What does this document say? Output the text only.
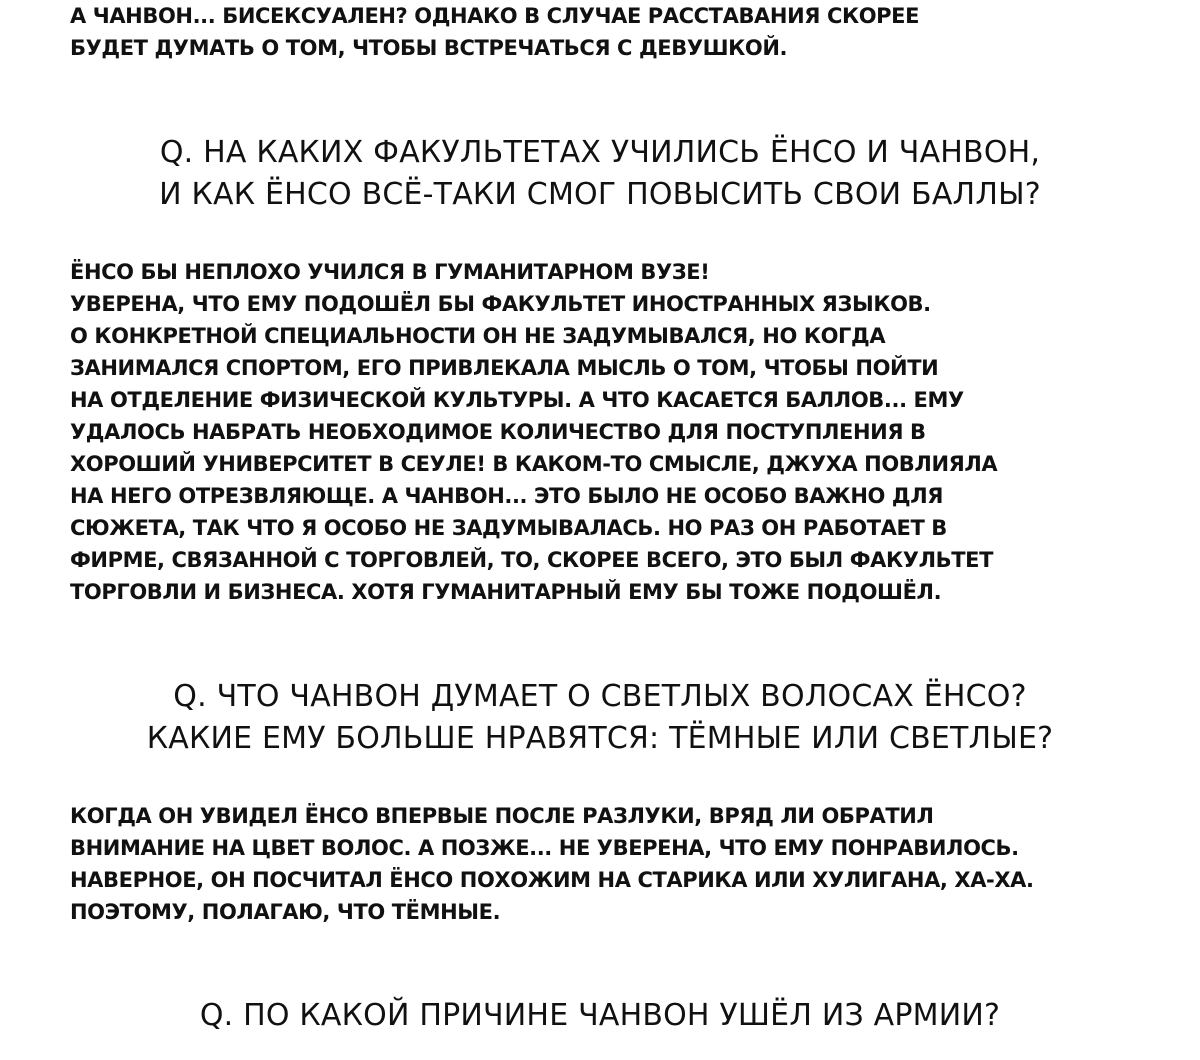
А ЧАНВОН... БИСЕКСУАЛЕН? ОДНАКО В СЛУЧАЕ РАССТАВАНИЯ СКОРЕЕ

БУДЕТ ДУМАТЬ О ТОМ, ЧТОБЫ ВСТРЕЧАТЬСЯ С ДЕВУШКОЙ.

Q. НА КАКИХ ФАКУЛЬТЕТАХ УЧИЛИСЬ ЁНСО И ЧАНВОН,
И КАК ЁНСО ВСЁ-ТАКИ СМОГ ПОВЫСИТЬ СВОИ БАЛЛЫ?

ЁНСО БЫ НЕПЛОХО УЧИЛСЯ В ГУМАНИТАРНОМ ВУЗЕ!

УВЕРЕНА, ЧТО ЕМУ ПОДОШЁЛ БЫ ФАКУЛЬТЕТ ИНОСТРАННЫХ ЯЗЫКОВ.

О КОНКРЕТНОЙ СПЕЦИАЛЬНОСТИ ОН НЕ ЗАДУМЫВАЛСЯ, НО КОГДА

ЗАНИМАЛСЯ СПОРТОМ, ЕГО ПРИВЛЕКАЛА МЫСЛЬ О ТОМ, ЧТОБЫ ПОЙТИ

НА ОТДЕЛЕНИЕ ФИЗИЧЕСКОЙ КУЛЬТУРЫ. А ЧТО КАСАЕТСЯ БАЛЛОВ... ЕМУ

УДАЛОСЬ НАБРАТЬ НЕОБХОДИМОЕ КОЛИЧЕСТВО ДЛЯ ПОСТУПЛЕНИЯ В

ХОРОШИЙ УНИВЕРСИТЕТ В СЕУЛЕ! В КАКОМ-ТО СМЫСЛЕ, ДЖУХА ПОВЛИЯЛА

НА НЕГО ОТРЕЗВЛЯЮЩЕ. А ЧАНВОН... ЭТО БЫЛО НЕ ОСОБО ВАЖНО ДЛЯ

СЮЖЕТА, ТАК ЧТО Я ОСОБО НЕ ЗАДУМЫВАЛАСЬ. НО РАЗ ОН РАБОТАЕТ В

ФИРМЕ, СВЯЗАННОЙ С ТОРГОВЛЕЙ, ТО, СКОРЕЕ ВСЕГО, ЭТО БЫЛ ФАКУЛЬТЕТ

ТОРГОВЛИ И БИЗНЕСА. ХОТЯ ГУМАНИТАРНЫЙ ЕМУ БЫ ТОЖЕ ПОДОШЁЛ.

Q. ЧТО ЧАНВОН ДУМАЕТ О СВЕТЛЫХ ВОЛОСАХ ЁНСО?
КАКИЕ ЕМУ БОЛЬШЕ НРАВЯТСЯ: ТЁМНЫЕ ИЛИ СВЕТЛЫЕ?

КОГДА ОН УВИДЕЛ ЁНСО ВПЕРВЫЕ ПОСЛЕ РАЗЛУКИ, ВРЯД ЛИ ОБРАТИЛ

ВНИМАНИЕ НА ЦВЕТ ВОЛОС. А ПОЗЖЕ... НЕ УВЕРЕНА, ЧТО ЕМУ ПОНРАВИЛОСЬ.

НАВЕРНОЕ, ОН ПОСЧИТАЛ ЁНСО ПОХОЖИМ НА СТАРИКА ИЛИ ХУЛИГАНА, ХА-ХА.

ПОЭТОМУ, ПОЛАГАЮ, ЧТО ТЁМНЫЕ.

Q. ПО КАКОЙ ПРИЧИНЕ ЧАНВОН УШЁЛ ИЗ АРМИИ?
